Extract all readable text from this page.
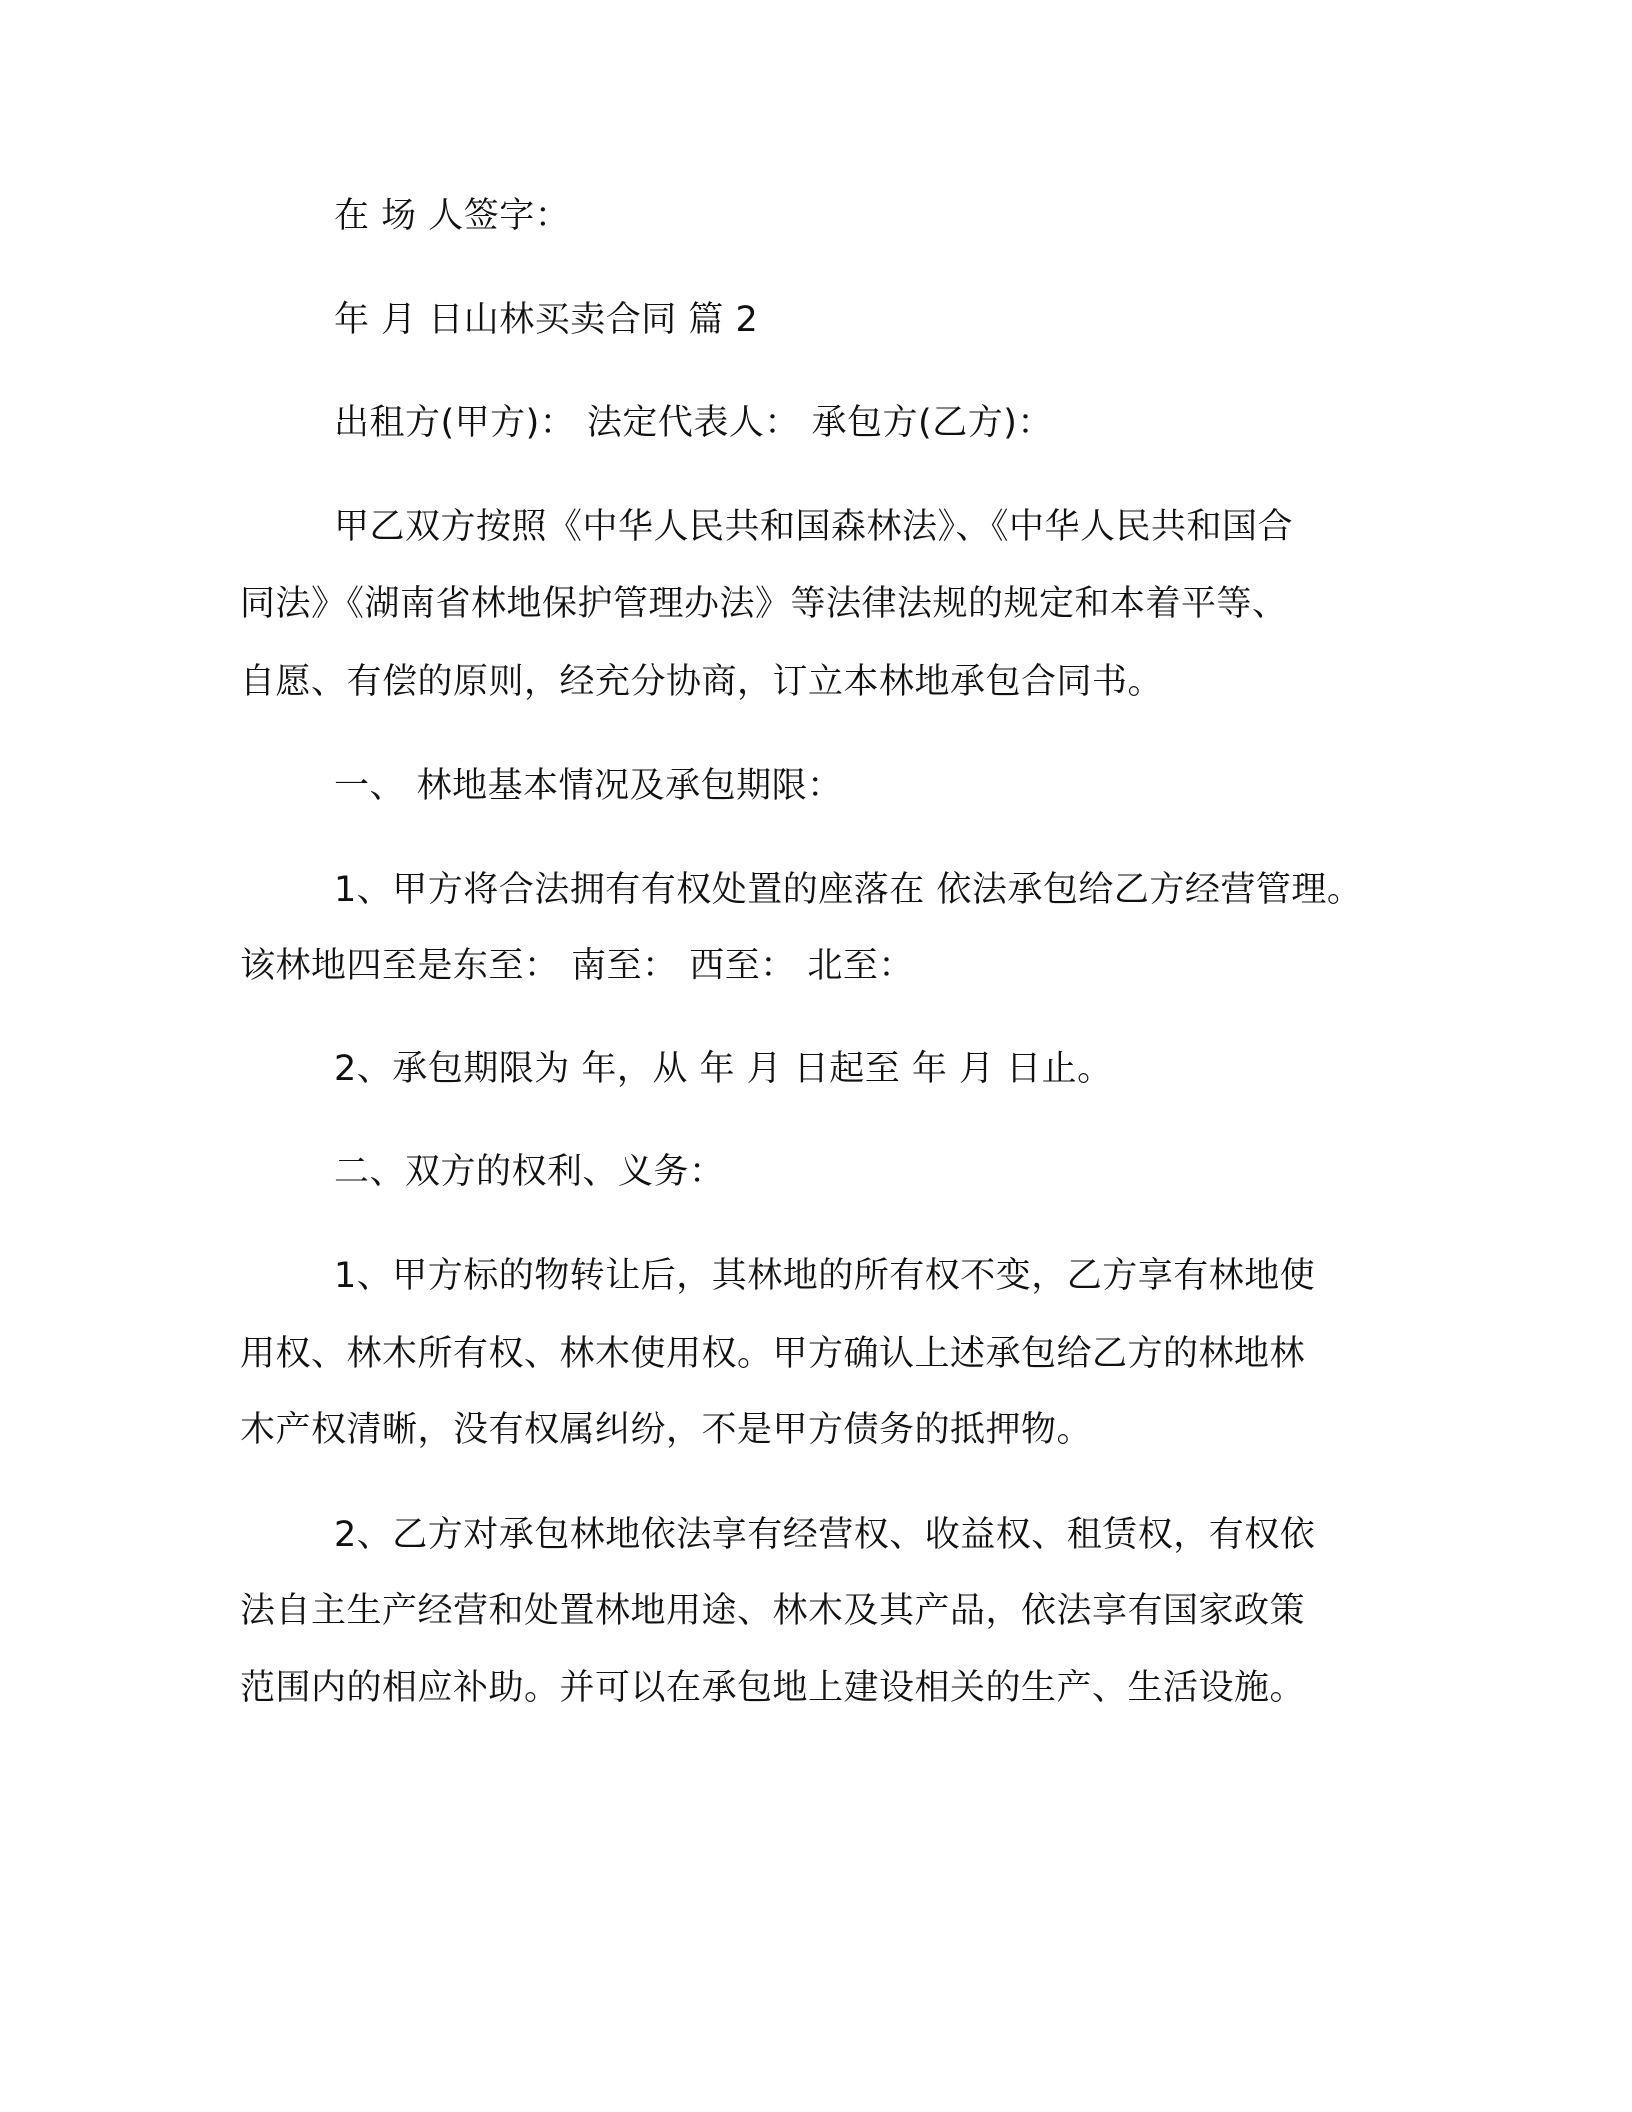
在 场 人签字：
年 月 日山林买卖合同 篇 2
出租方(甲方)： 法定代表人： 承包方(乙方)：
甲乙双方按照《中华人民共和国森林法》、《中华人民共和国合
同法》《湖南省林地保护管理办法》等法律法规的规定和本着平等、
自愿、有偿的原则，经充分协商，订立本林地承包合同书。
一、 林地基本情况及承包期限：
1、甲方将合法拥有有权处置的座落在 依法承包给乙方经营管理。
该林地四至是东至： 南至： 西至： 北至：
2、承包期限为 年，从 年 月 日起至 年 月 日止。
二、双方的权利、义务：
1、甲方标的物转让后，其林地的所有权不变，乙方享有林地使
用权、林木所有权、林木使用权。甲方确认上述承包给乙方的林地林
木产权清晰，没有权属纠纷，不是甲方债务的抵押物。
2、乙方对承包林地依法享有经营权、收益权、租赁权，有权依
法自主生产经营和处置林地用途、林木及其产品，依法享有国家政策
范围内的相应补助。并可以在承包地上建设相关的生产、生活设施。
